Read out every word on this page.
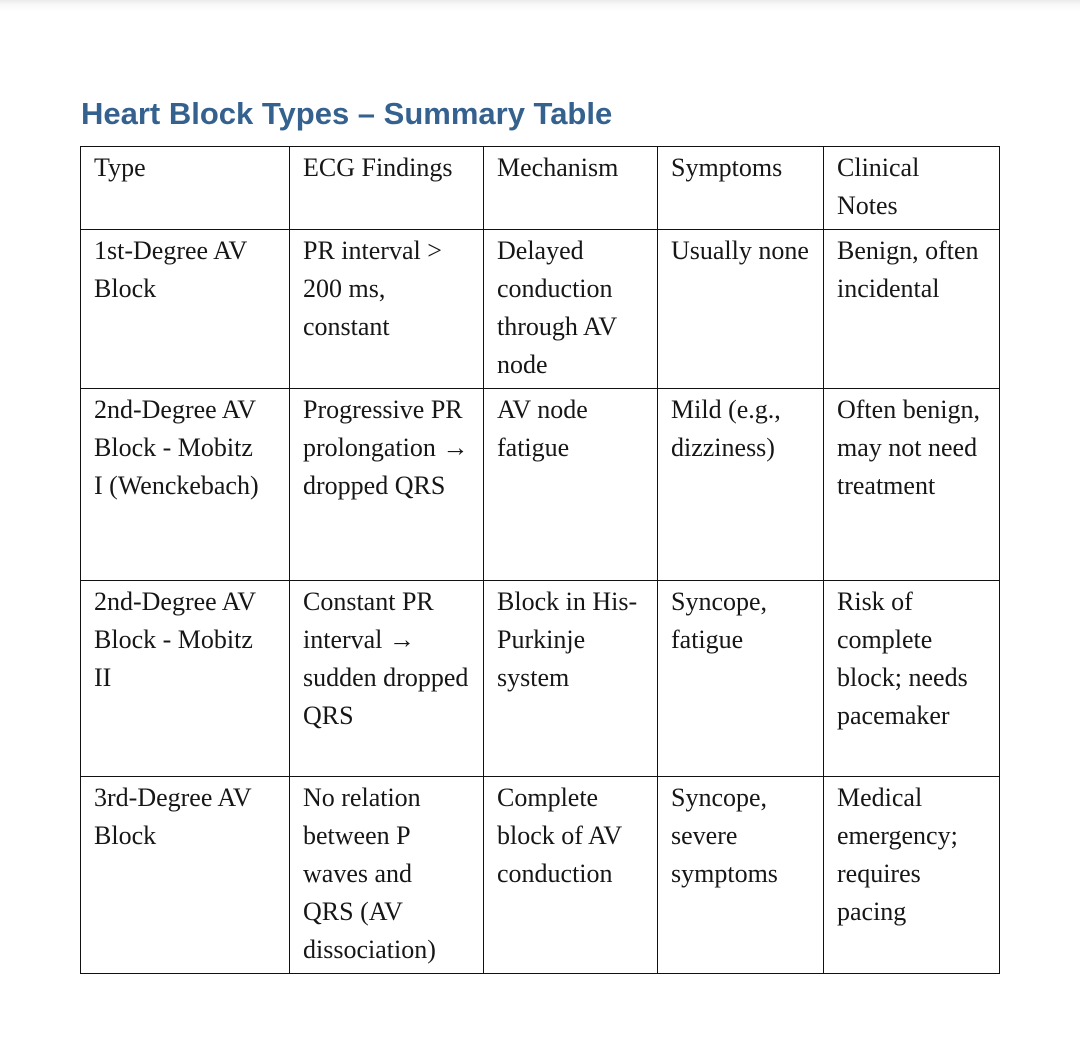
Heart Block Types – Summary Table
Type	ECG Findings	Mechanism	Symptoms	Clinical Notes
1st-Degree AV Block	PR interval > 200 ms, constant	Delayed conduction through AV node	Usually none	Benign, often incidental
2nd-Degree AV Block - Mobitz I (Wenckebach)	Progressive PR prolongation → dropped QRS	AV node fatigue	Mild (e.g., dizziness)	Often benign, may not need treatment
2nd-Degree AV Block - Mobitz II	Constant PR interval → sudden dropped QRS	Block in His-Purkinje system	Syncope, fatigue	Risk of complete block; needs pacemaker
3rd-Degree AV Block	No relation between P waves and QRS (AV dissociation)	Complete block of AV conduction	Syncope, severe symptoms	Medical emergency; requires pacing
